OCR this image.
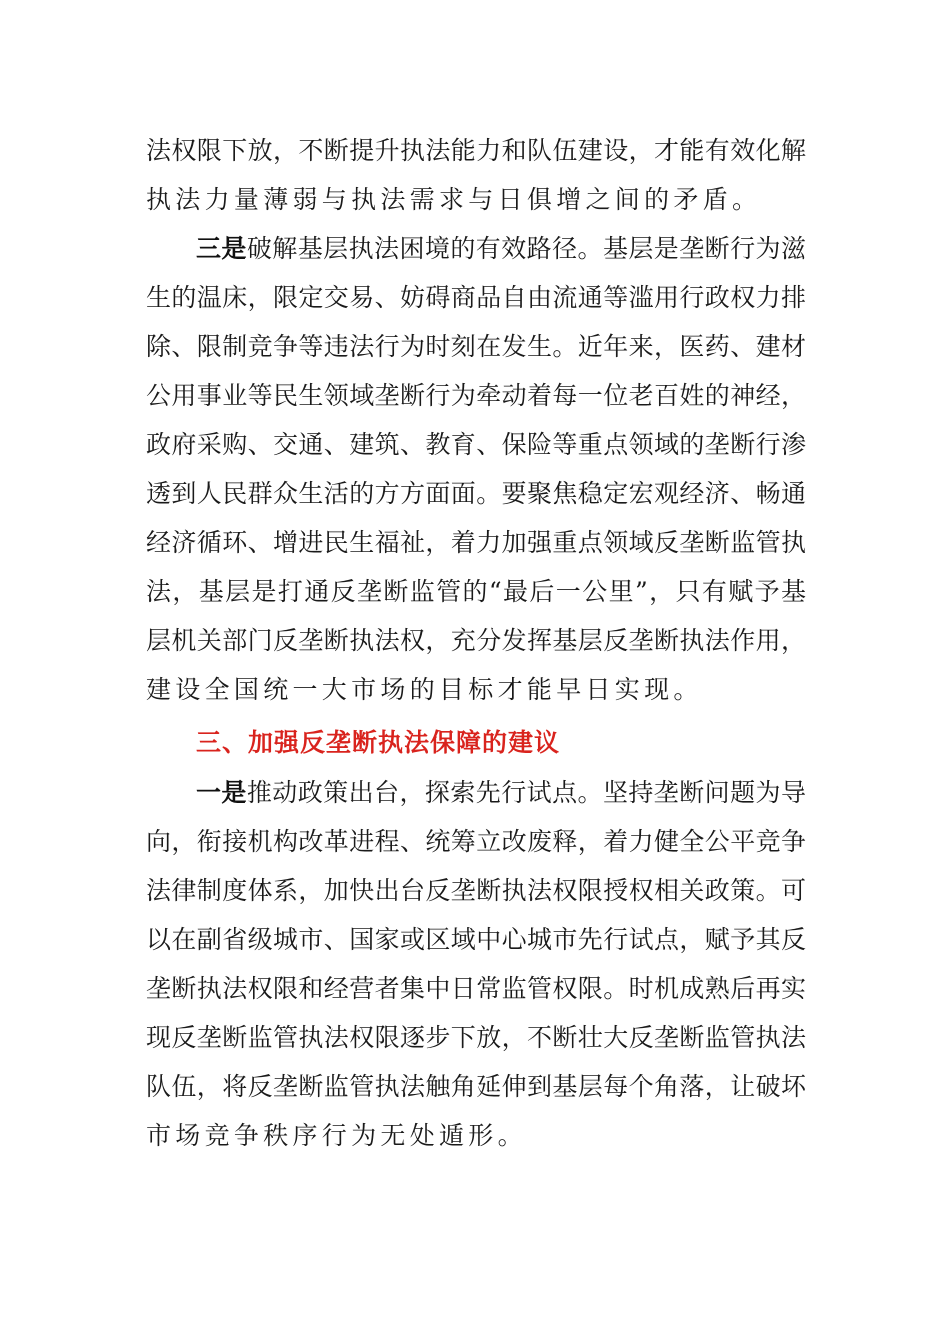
法权限下放，不断提升执法能力和队伍建设，才能有效化解
执法力量薄弱与执法需求与日俱增之间的矛盾。
三是破解基层执法困境的有效路径。基层是垄断行为滋
生的温床，限定交易、妨碍商品自由流通等滥用行政权力排
除、限制竞争等违法行为时刻在发生。近年来，医药、建材
公用事业等民生领域垄断行为牵动着每一位老百姓的神经，
政府采购、交通、建筑、教育、保险等重点领域的垄断行渗
透到人民群众生活的方方面面。要聚焦稳定宏观经济、畅通
经济循环、增进民生福祉，着力加强重点领域反垄断监管执
法，基层是打通反垄断监管的“最后一公里”，只有赋予基
层机关部门反垄断执法权，充分发挥基层反垄断执法作用，
建设全国统一大市场的目标才能早日实现。
三、加强反垄断执法保障的建议
一是推动政策出台，探索先行试点。坚持垄断问题为导
向，衔接机构改革进程、统筹立改废释，着力健全公平竞争
法律制度体系，加快出台反垄断执法权限授权相关政策。可
以在副省级城市、国家或区域中心城市先行试点，赋予其反
垄断执法权限和经营者集中日常监管权限。时机成熟后再实
现反垄断监管执法权限逐步下放，不断壮大反垄断监管执法
队伍，将反垄断监管执法触角延伸到基层每个角落，让破坏
市场竞争秩序行为无处遁形。
